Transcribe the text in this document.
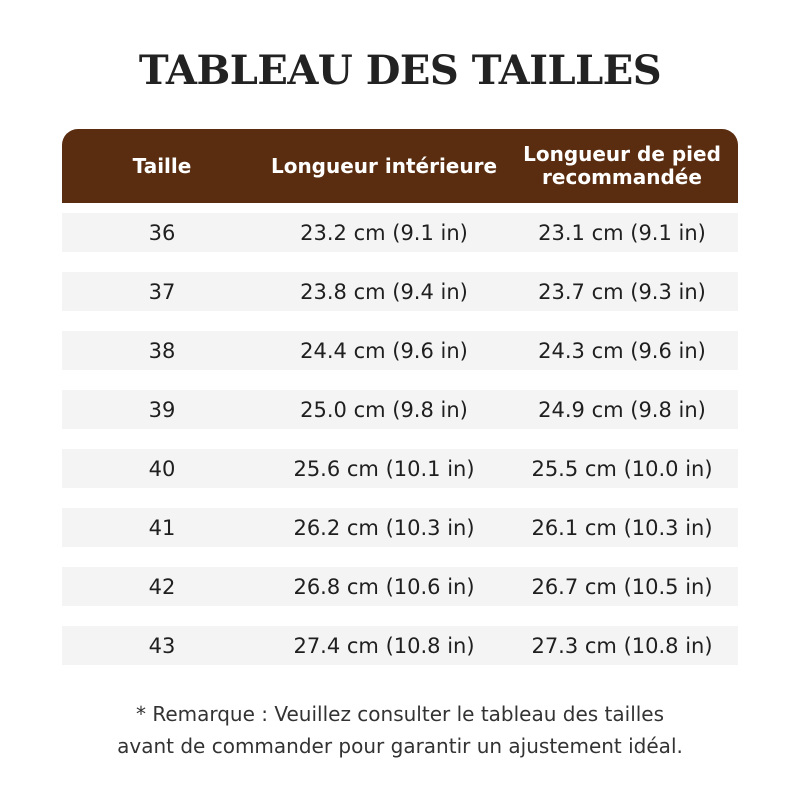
TABLEAU DES TAILLES
Taille	Longueur intérieure	Longueur de pied
recommandée
36	23.2 cm (9.1 in)	23.1 cm (9.1 in)
37	23.8 cm (9.4 in)	23.7 cm (9.3 in)
38	24.4 cm (9.6 in)	24.3 cm (9.6 in)
39	25.0 cm (9.8 in)	24.9 cm (9.8 in)
40	25.6 cm (10.1 in)	25.5 cm (10.0 in)
41	26.2 cm (10.3 in)	26.1 cm (10.3 in)
42	26.8 cm (10.6 in)	26.7 cm (10.5 in)
43	27.4 cm (10.8 in)	27.3 cm (10.8 in)
* Remarque : Veuillez consulter le tableau des tailles
avant de commander pour garantir un ajustement idéal.
